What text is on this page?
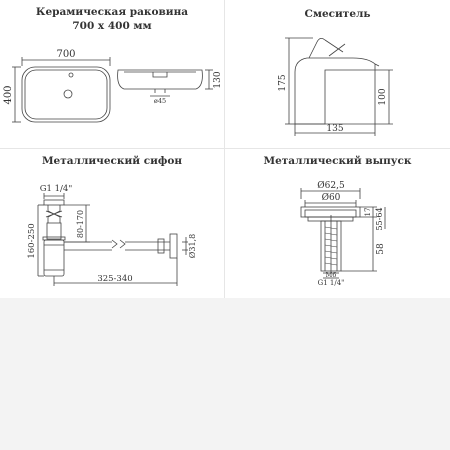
Керамическая раковина
700 x 400 мм
700
400
130
ø45
Смеситель
175
100
135
Металлический сифон
G1 1/4"
80-170
160-250
325-340
Ø31,8
Металлический выпуск
Ø62,5
Ø60
17 55-64
58
M6
G1 1/4"
